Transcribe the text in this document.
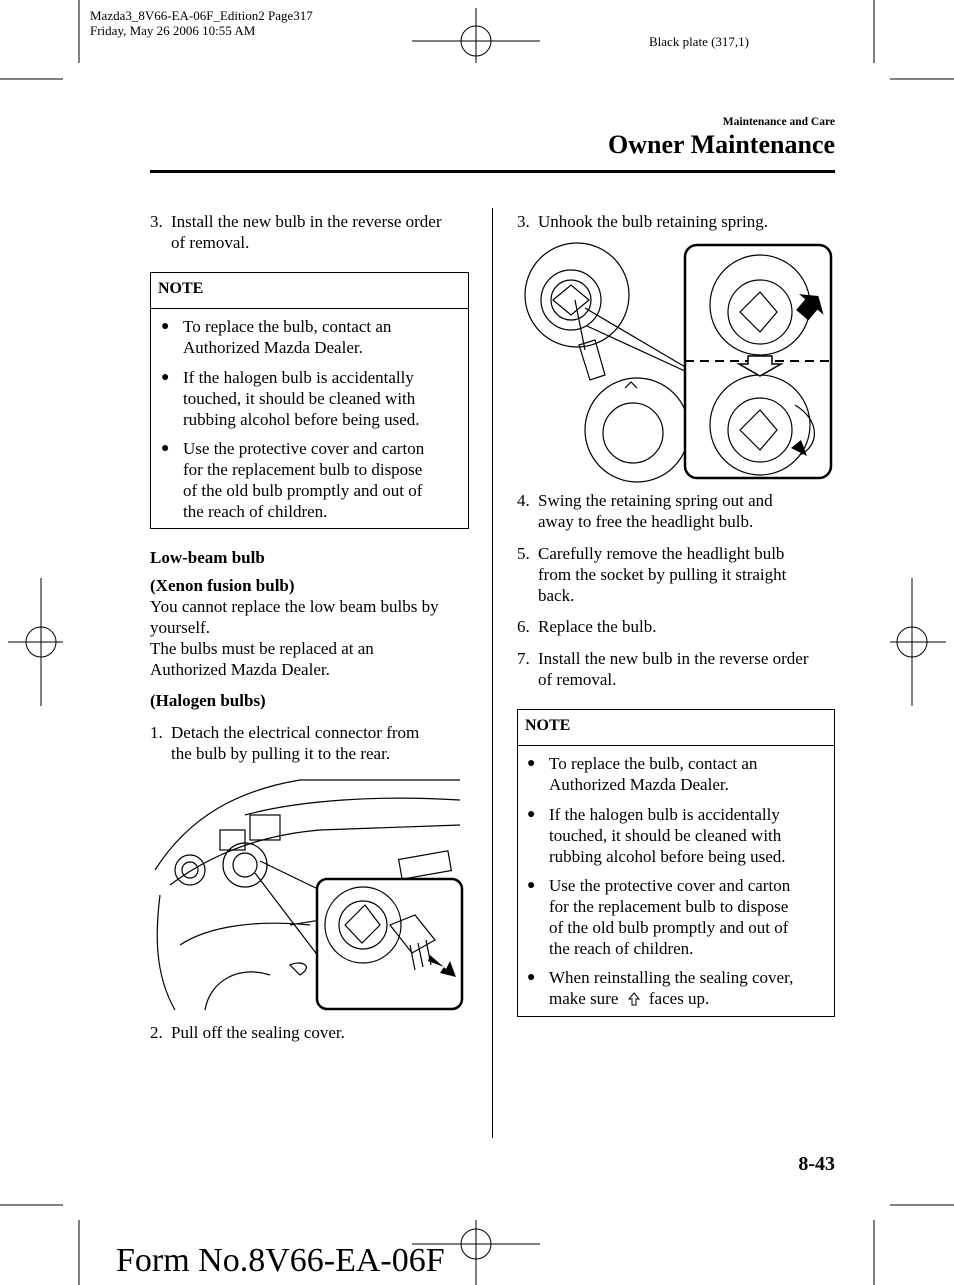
Mazda3_8V66-EA-06F_Edition2 Page317
Friday, May 26 2006 10:55 AM
Black plate (317,1)
Maintenance and Care
Owner Maintenance
3. Install the new bulb in the reverse order
of removal.
NOTE
● To replace the bulb, contact an
Authorized Mazda Dealer.
● If the halogen bulb is accidentally
touched, it should be cleaned with
rubbing alcohol before being used.
● Use the protective cover and carton
for the replacement bulb to dispose
of the old bulb promptly and out of
the reach of children.
Low-beam bulb
(Xenon fusion bulb)
You cannot replace the low beam bulbs by
yourself.
The bulbs must be replaced at an
Authorized Mazda Dealer.
(Halogen bulbs)
1. Detach the electrical connector from
the bulb by pulling it to the rear.
2. Pull off the sealing cover.
3. Unhook the bulb retaining spring.
4. Swing the retaining spring out and
away to free the headlight bulb.
5. Carefully remove the headlight bulb
from the socket by pulling it straight
back.
6. Replace the bulb.
7. Install the new bulb in the reverse order
of removal.
NOTE
● To replace the bulb, contact an
Authorized Mazda Dealer.
● If the halogen bulb is accidentally
touched, it should be cleaned with
rubbing alcohol before being used.
● Use the protective cover and carton
for the replacement bulb to dispose
of the old bulb promptly and out of
the reach of children.
● When reinstalling the sealing cover,
make sure faces up.
8-43
Form No.8V66-EA-06F
